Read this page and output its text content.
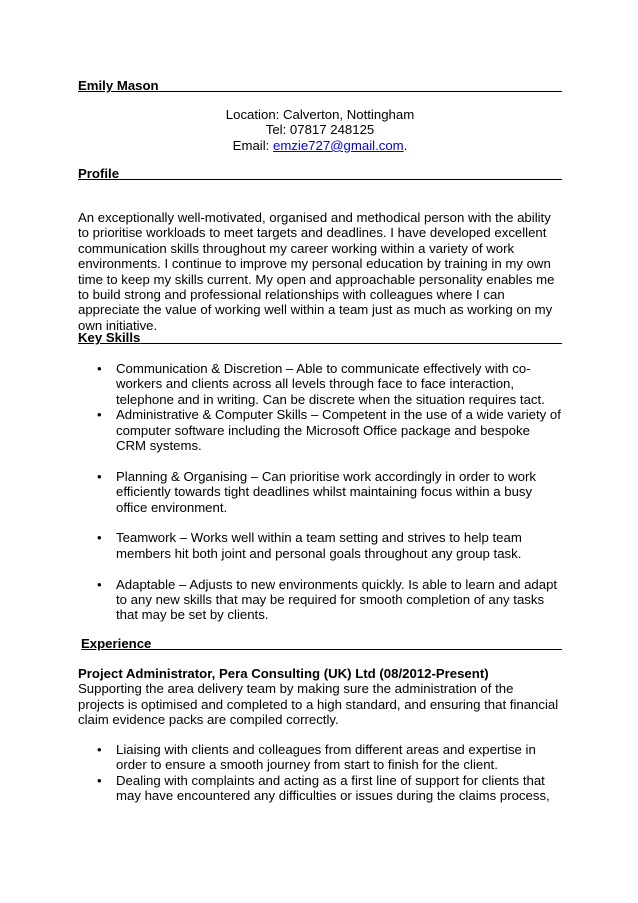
Emily Mason _____
Location: Calverton, Nottingham
Tel: 07817 248125
Email: emzie727@gmail.com.
Profile _____
An exceptionally well-motivated, organised and methodical person with the ability to prioritise workloads to meet targets and deadlines. I have developed excellent communication skills throughout my career working within a variety of work environments. I continue to improve my personal education by training in my own time to keep my skills current. My open and approachable personality enables me to build strong and professional relationships with colleagues where I can appreciate the value of working well within a team just as much as working on my own initiative.
Key Skills _____
• Communication & Discretion – Able to communicate effectively with co-workers and clients across all levels through face to face interaction, telephone and in writing. Can be discrete when the situation requires tact.
• Administrative & Computer Skills – Competent in the use of a wide variety of computer software including the Microsoft Office package and bespoke CRM systems.
• Planning & Organising – Can prioritise work accordingly in order to work efficiently towards tight deadlines whilst maintaining focus within a busy office environment.
• Teamwork – Works well within a team setting and strives to help team members hit both joint and personal goals throughout any group task.
• Adaptable – Adjusts to new environments quickly. Is able to learn and adapt to any new skills that may be required for smooth completion of any tasks that may be set by clients.
Experience _____
Project Administrator, Pera Consulting (UK) Ltd (08/2012-Present)
Supporting the area delivery team by making sure the administration of the projects is optimised and completed to a high standard, and ensuring that financial claim evidence packs are compiled correctly.
• Liaising with clients and colleagues from different areas and expertise in order to ensure a smooth journey from start to finish for the client.
• Dealing with complaints and acting as a first line of support for clients that may have encountered any difficulties or issues during the claims process,
